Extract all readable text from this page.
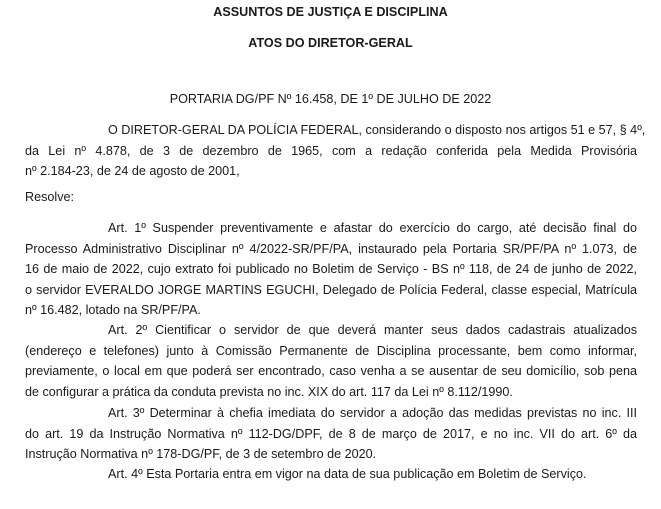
ASSUNTOS DE JUSTIÇA E DISCIPLINA
ATOS DO DIRETOR-GERAL
PORTARIA DG/PF Nº 16.458, DE 1º DE JULHO DE 2022
O DIRETOR-GERAL DA POLÍCIA FEDERAL, considerando o disposto nos artigos 51 e 57, § 4º,
da Lei nº 4.878, de 3 de dezembro de 1965, com a redação conferida pela Medida Provisória
nº 2.184-23, de 24 de agosto de 2001,
Resolve:
Art. 1º Suspender preventivamente e afastar do exercício do cargo, até decisão final do
Processo Administrativo Disciplinar nº 4/2022-SR/PF/PA, instaurado pela Portaria SR/PF/PA nº 1.073, de
16 de maio de 2022, cujo extrato foi publicado no Boletim de Serviço - BS nº 118, de 24 de junho de 2022,
o servidor EVERALDO JORGE MARTINS EGUCHI, Delegado de Polícia Federal, classe especial, Matrícula
nº 16.482, lotado na SR/PF/PA.
Art. 2º Cientificar o servidor de que deverá manter seus dados cadastrais atualizados
(endereço e telefones) junto à Comissão Permanente de Disciplina processante, bem como informar,
previamente, o local em que poderá ser encontrado, caso venha a se ausentar de seu domicílio, sob pena
de configurar a prática da conduta prevista no inc. XIX do art. 117 da Lei nº 8.112/1990.
Art. 3º Determinar à chefia imediata do servidor a adoção das medidas previstas no inc. III
do art. 19 da Instrução Normativa nº 112-DG/DPF, de 8 de março de 2017, e no inc. VII do art. 6º da
Instrução Normativa nº 178-DG/PF, de 3 de setembro de 2020.
Art. 4º Esta Portaria entra em vigor na data de sua publicação em Boletim de Serviço.
